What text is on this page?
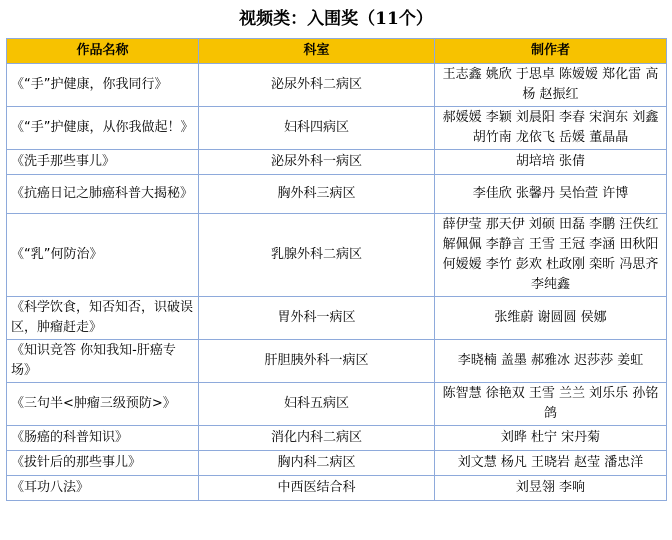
视频类：入围奖（11个）
作品名称	科室	制作者
《“手”护健康，你我同行》	泌尿外科二病区	王志鑫 姚欣 于思卓 陈嫒嫒 郑化雷 高杨 赵振红
《“手”护健康，从你我做起！》	妇科四病区	郝媛媛 李颖 刘晨阳 李春 宋润东 刘鑫 胡竹南 龙依飞 岳媛 董晶晶
《洗手那些事儿》	泌尿外科一病区	胡培培 张倩
《抗癌日记之肺癌科普大揭秘》	胸外科三病区	李佳欣 张馨丹 吴怡萱 许博
《“乳”何防治》	乳腺外科二病区	薛伊莹 那天伊 刘硕 田磊 李鹏 汪佚红 解佩佩 李静言 王雪 王冠 李涵 田秋阳 何嫒嫒 李竹 彭欢 杜政刚 栾昕 冯思齐 李纯鑫
《科学饮食，知否知否，识破误区，肿瘤赶走》	胃外科一病区	张维蔚 谢圆圆 侯娜
《知识竞答 你知我知-肝癌专场》	肝胆胰外科一病区	李晓楠 盖墨 郝雅冰 迟莎莎 姜虹
《三句半<肿瘤三级预防>》	妇科五病区	陈智慧 徐艳双 王雪 兰兰 刘乐乐 孙铭鸽
《肠癌的科普知识》	消化内科二病区	刘晔 杜宁 宋丹菊
《拔针后的那些事儿》	胸内科二病区	刘文慧 杨凡 王晓岩 赵莹 潘忠洋
《耳功八法》	中西医结合科	刘昱翎 李响
